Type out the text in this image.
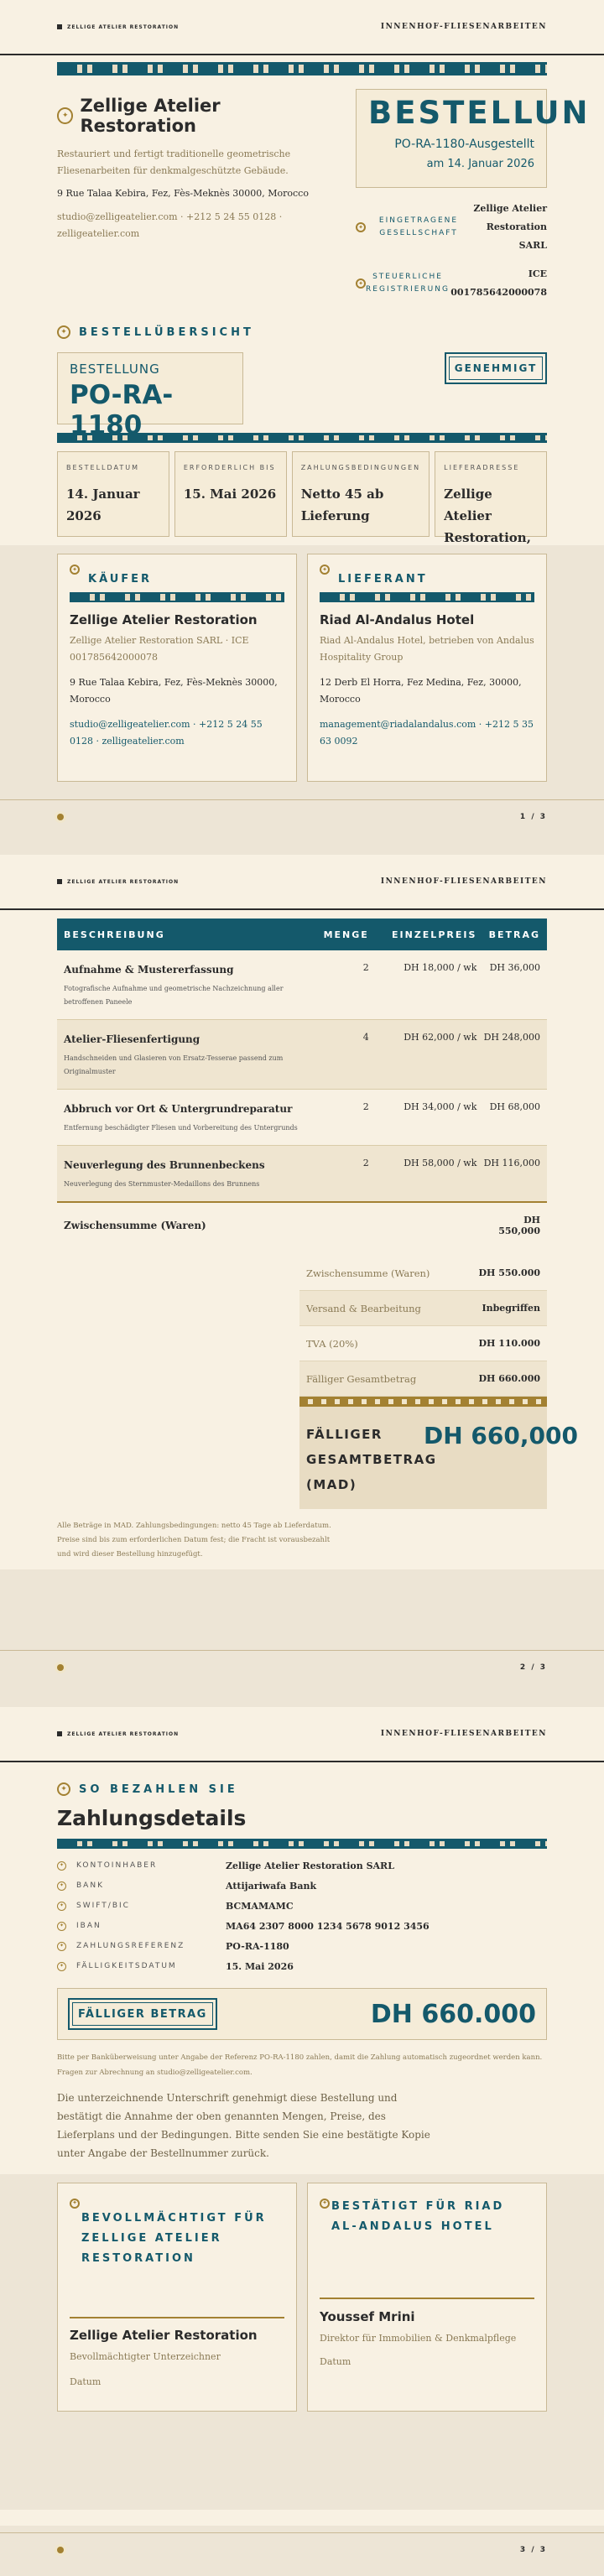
ZELLIGE ATELIER RESTORATION	INNENHOF-FLIESENARBEITEN
✦ Zellige Atelier Restoration
Restauriert und fertigt traditionelle geometrische Fliesenarbeiten für denkmalgeschützte Gebäude.
9 Rue Talaa Kebira, Fez, Fès-Meknès 30000, Morocco
studio@zelligeatelier.com · +212 5 24 55 0128 · zelligeatelier.com
BESTELLUN
PO-RA-1180-Ausgestellt
am 14. Januar 2026
✦
EINGETRAGENE GESELLSCHAFT
Zellige Atelier Restoration SARL
✦
STEUERLICHE REGISTRIERUNG
ICE 001785642000078
✦	BESTELLÜBERSICHT
BESTELLUNG
PO-RA-1180
GENEHMIGT
BESTELLDATUM
14. Januar 2026
ERFORDERLICH BIS
15. Mai 2026
ZAHLUNGSBEDINGUNGEN
Netto 45 ab Lieferung
LIEFERADRESSE
Zellige Atelier Restoration,
✦
KÄUFER
Zellige Atelier Restoration
Zellige Atelier Restoration SARL · ICE 001785642000078
9 Rue Talaa Kebira, Fez, Fès-Meknès 30000, Morocco
studio@zelligeatelier.com · +212 5 24 55 0128 · zelligeatelier.com
✦
LIEFERANT
Riad Al-Andalus Hotel
Riad Al-Andalus Hotel, betrieben von Andalus Hospitality Group
12 Derb El Horra, Fez Medina, Fez, 30000, Morocco
management@riadalandalus.com · +212 5 35 63 0092
1 / 3
ZELLIGE ATELIER RESTORATION	INNENHOF-FLIESENARBEITEN
BESCHREIBUNG	MENGE	EINZELPREIS	BETRAG

Aufnahme & Mustererfassung
Fotografische Aufnahme und geometrische Nachzeichnung aller betroffenen Paneele	2	DH 18,000 / wk	DH 36,000

Atelier-Fliesenfertigung
Handschneiden und Glasieren von Ersatz-Tesserae passend zum Originalmuster	4	DH 62,000 / wk	DH 248,000

Abbruch vor Ort & Untergrundreparatur
Entfernung beschädigter Fliesen und Vorbereitung des Untergrunds	2	DH 34,000 / wk	DH 68,000

Neuverlegung des Brunnenbeckens
Neuverlegung des Sternmuster-Medaillons des Brunnens	2	DH 58,000 / wk	DH 116,000
Zwischensumme (Waren)			DH 550,000
Zwischensumme (Waren)	DH 550.000
Versand & Bearbeitung	Inbegriffen
TVA (20%)	DH 110.000
Fälliger Gesamtbetrag	DH 660.000
FÄLLIGER GESAMTBETRAG (MAD)
DH 660,000
Alle Beträge in MAD. Zahlungsbedingungen: netto 45 Tage ab Lieferdatum. Preise sind bis zum erforderlichen Datum fest; die Fracht ist vorausbezahlt und wird dieser Bestellung hinzugefügt.
2 / 3
ZELLIGE ATELIER RESTORATION	INNENHOF-FLIESENARBEITEN
✦	SO BEZAHLEN SIE
Zahlungsdetails
✦	KONTOINHABER	Zellige Atelier Restoration SARL
✦	BANK	Attijariwafa Bank
✦	SWIFT/BIC	BCMAMAMC
✦	IBAN	MA64 2307 8000 1234 5678 9012 3456
✦	ZAHLUNGSREFERENZ	PO-RA-1180
✦	FÄLLIGKEITSDATUM	15. Mai 2026
FÄLLIGER BETRAG	DH 660.000
Bitte per Banküberweisung unter Angabe der Referenz PO-RA-1180 zahlen, damit die Zahlung automatisch zugeordnet werden kann. Fragen zur Abrechnung an studio@zelligeatelier.com.
Die unterzeichnende Unterschrift genehmigt diese Bestellung und bestätigt die Annahme der oben genannten Mengen, Preise, des Lieferplans und der Bedingungen. Bitte senden Sie eine bestätigte Kopie unter Angabe der Bestellnummer zurück.
✦
BEVOLLMÄCHTIGT FÜR ZELLIGE ATELIER RESTORATION
Zellige Atelier Restoration
Bevollmächtigter Unterzeichner
Datum
✦ BESTÄTIGT FÜR RIAD AL-ANDALUS HOTEL
Youssef Mrini
Direktor für Immobilien & Denkmalpflege
Datum
3 / 3
